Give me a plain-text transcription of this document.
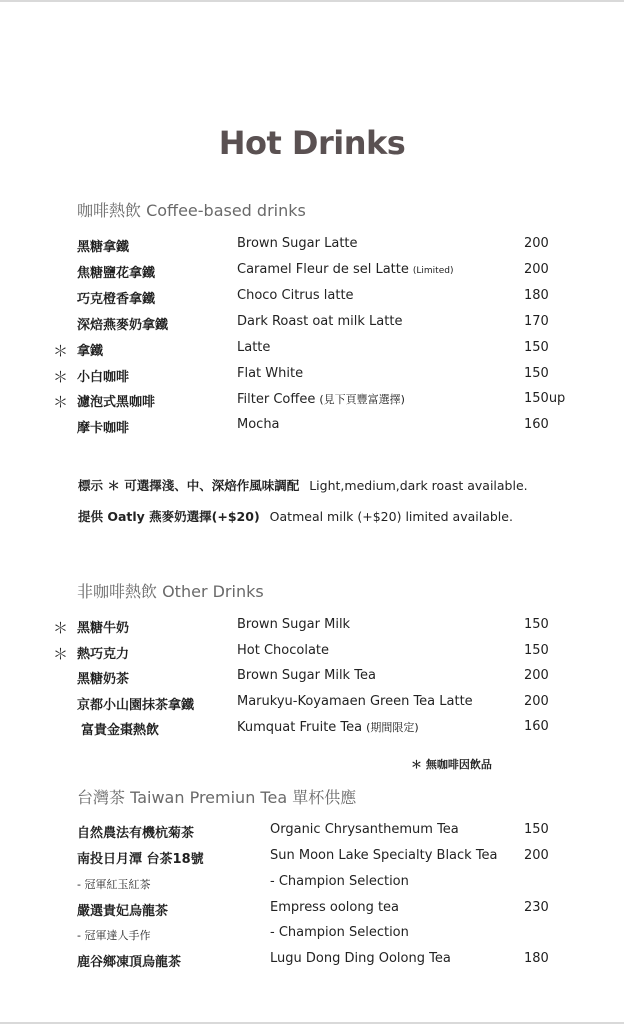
Hot Drinks
咖啡熱飲 Coffee-based drinks
黑糖拿鐵	Brown Sugar Latte	200
焦糖鹽花拿鐵	Caramel Fleur de sel Latte (Limited)	200
巧克橙香拿鐵	Choco Citrus latte	180
深焙燕麥奶拿鐵	Dark Roast oat milk Latte	170
＊ 拿鐵	Latte	150
＊ 小白咖啡	Flat White	150
＊ 濾泡式黑咖啡	Filter Coffee (見下頁豐富選擇)	150up
摩卡咖啡	Mocha	160
標示 ＊ 可選擇淺、中、深焙作風味調配 Light,medium,dark roast available.
提供 Oatly 燕麥奶選擇(+$20) Oatmeal milk (+$20) limited available.
非咖啡熱飲 Other Drinks
＊ 黑糖牛奶	Brown Sugar Milk	150
＊ 熱巧克力	Hot Chocolate	150
黑糖奶茶	Brown Sugar Milk Tea	200
京都小山園抹茶拿鐵	Marukyu-Koyamaen Green Tea Latte	200
富貴金棗熱飲	Kumquat Fruite Tea (期間限定)	160
＊ 無咖啡因飲品
台灣茶 Taiwan Premiun Tea 單杯供應
自然農法有機杭菊茶	Organic Chrysanthemum Tea	150
南投日月潭 台茶18號	Sun Moon Lake Specialty Black Tea 200
- 冠軍紅玉紅茶	- Champion Selection
嚴選貴妃烏龍茶	Empress oolong tea	230
- 冠軍達人手作	- Champion Selection
鹿谷鄉凍頂烏龍茶	Lugu Dong Ding Oolong Tea	180
